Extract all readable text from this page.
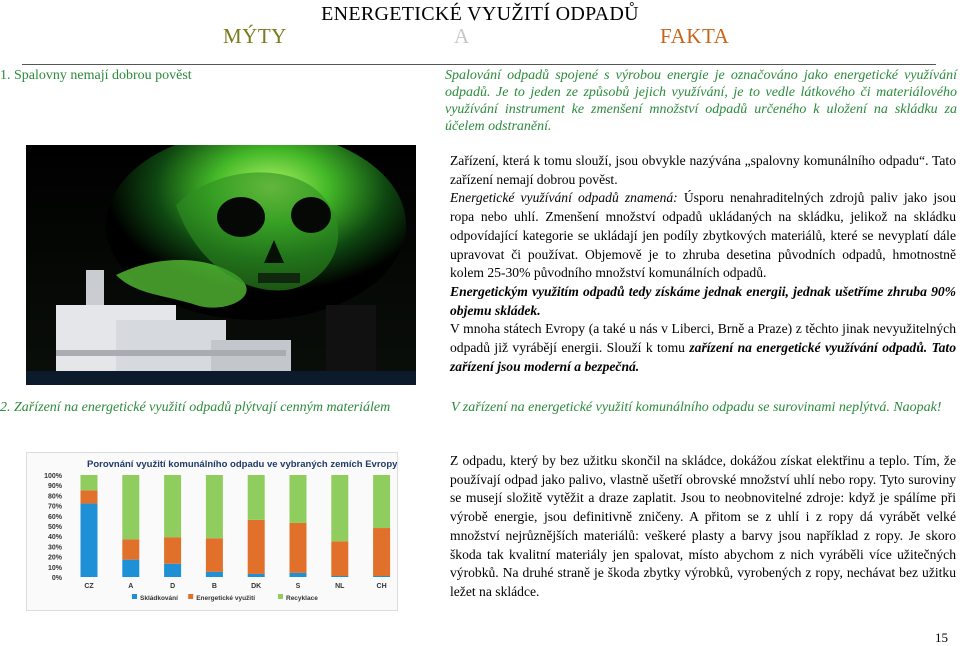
ENERGETICKÉ VYUŽITÍ ODPADŮ
MÝTY	A	FAKTA
1. Spalovny nemají dobrou pověst	Spalování odpadů spojené s výrobou energie je označováno jako energetické využívání odpadů. Je to jeden ze způsobů jejich využívání, je to vedle látkového či materiálového využívání instrument ke zmenšení množství odpadů určeného k uložení na skládku za účelem odstranění.
Zařízení, která k tomu slouží, jsou obvykle nazývána „spalovny komunálního odpadu“. Tato zařízení nemají dobrou pověst.
Energetické využívání odpadů znamená: Úsporu nenahraditelných zdrojů paliv jako jsou ropa nebo uhlí. Zmenšení množství odpadů ukládaných na skládku, jelikož na skládku odpovídající kategorie se ukládají jen podíly zbytkových materiálů, které se nevyplatí dále upravovat či používat. Objemově je to zhruba desetina původních odpadů, hmotnostně kolem 25-30% původního množství komunálních odpadů.
Energetickým využitím odpadů tedy získáme jednak energii, jednak ušetříme zhruba 90% objemu skládek.
V mnoha státech Evropy (a také u nás v Liberci, Brně a Praze) z těchto jinak nevyužitelných odpadů již vyrábějí energii. Slouží k tomu zařízení na energetické využívání odpadů. Tato zařízení jsou moderní a bezpečná.
2. Zařízení na energetické využití odpadů plýtvají cenným materiálem	V zařízení na energetické využití komunálního odpadu se surovinami neplýtvá. Naopak!
Porovnání využití komunálního odpadu ve vybraných zemích Evropy
100%
90%
80%
70%
60%
50%
40%
30%
20%
10%
0%
CZ	A	D	B	DK	S	NL	CH
Skládkování	Energetické využití	Recyklace
Z odpadu, který by bez užitku skončil na skládce, dokážou získat elektřinu a teplo. Tím, že používají odpad jako palivo, vlastně ušetří obrovské množství uhlí nebo ropy. Tyto suroviny se musejí složitě vytěžit a draze zaplatit. Jsou to neobnovitelné zdroje: když je spálíme při výrobě energie, jsou definitivně zničeny. A přitom se z uhlí i z ropy dá vyrábět velké množství nejrůznějších materiálů: veškeré plasty a barvy jsou například z ropy. Je skoro škoda tak kvalitní materiály jen spalovat, místo abychom z nich vyráběli více užitečných výrobků. Na druhé straně je škoda zbytky výrobků, vyrobených z ropy, nechávat bez užitku ležet na skládce.
15
